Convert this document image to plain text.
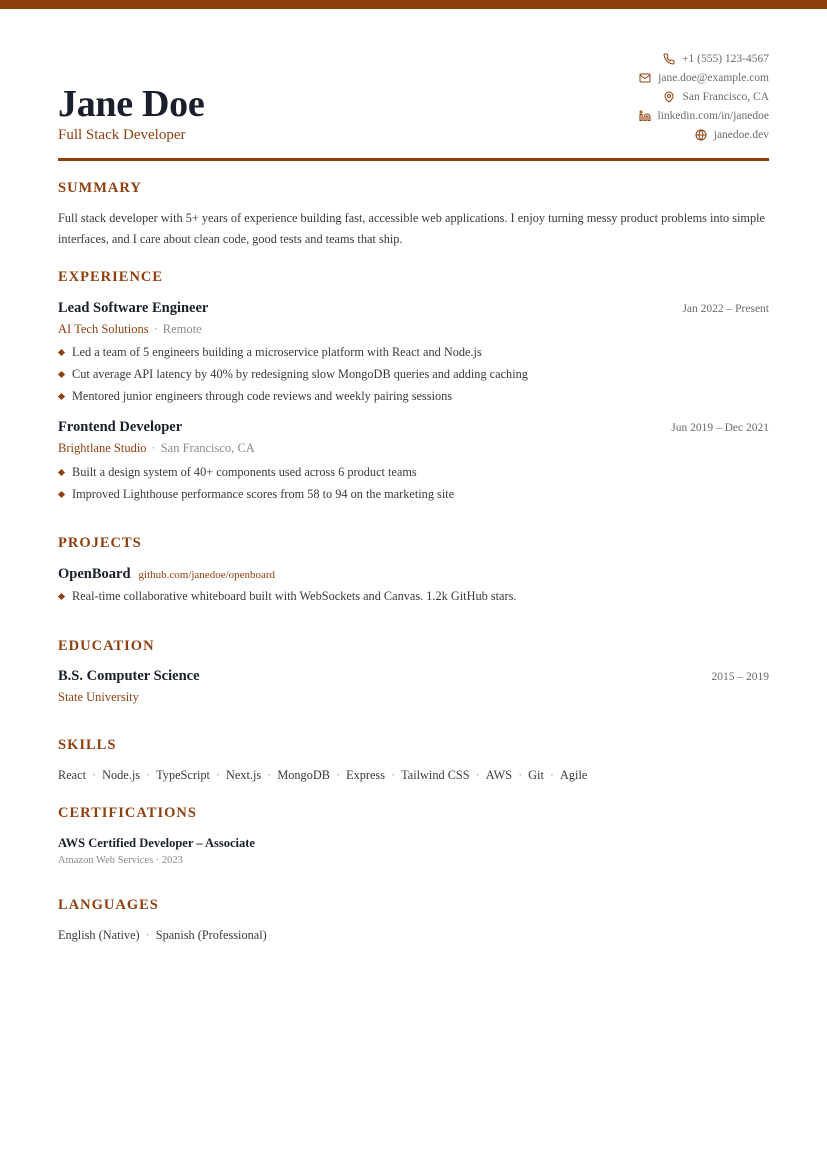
Jane Doe
Full Stack Developer
+1 (555) 123-4567
jane.doe@example.com
San Francisco, CA
linkedin.com/in/janedoe
janedoe.dev
SUMMARY
Full stack developer with 5+ years of experience building fast, accessible web applications. I enjoy turning messy product problems into simple interfaces, and I care about clean code, good tests and teams that ship.
EXPERIENCE
Lead Software Engineer	Jan 2022 – Present
AI Tech Solutions · Remote
Led a team of 5 engineers building a microservice platform with React and Node.js
Cut average API latency by 40% by redesigning slow MongoDB queries and adding caching
Mentored junior engineers through code reviews and weekly pairing sessions
Frontend Developer	Jun 2019 – Dec 2021
Brightlane Studio · San Francisco, CA
Built a design system of 40+ components used across 6 product teams
Improved Lighthouse performance scores from 58 to 94 on the marketing site
PROJECTS
OpenBoard github.com/janedoe/openboard
Real-time collaborative whiteboard built with WebSockets and Canvas. 1.2k GitHub stars.
EDUCATION
B.S. Computer Science	2015 – 2019
State University
SKILLS
React · Node.js · TypeScript · Next.js · MongoDB · Express · Tailwind CSS · AWS · Git · Agile
CERTIFICATIONS
AWS Certified Developer – Associate
Amazon Web Services · 2023
LANGUAGES
English (Native) · Spanish (Professional)
